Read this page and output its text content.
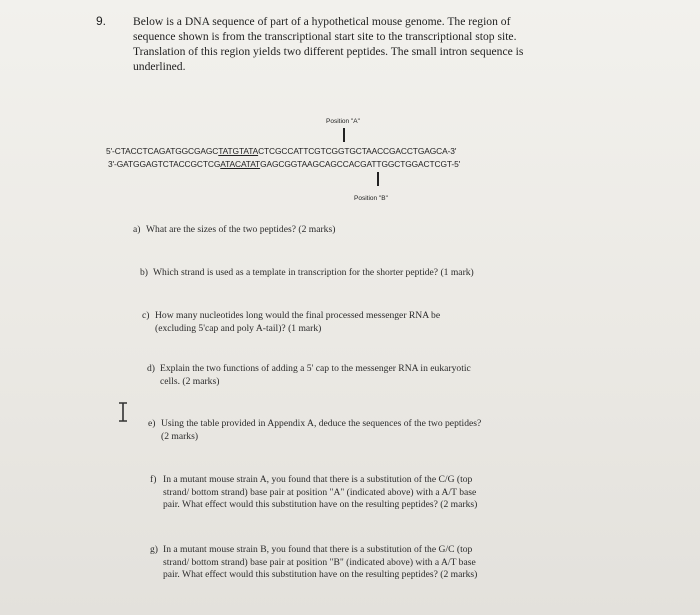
9. Below is a DNA sequence of part of a hypothetical mouse genome. The region of
sequence shown is from the transcriptional start site to the transcriptional stop site.
Translation of this region yields two different peptides. The small intron sequence is
underlined.
Position "A"
5'-CTACCTCAGATGGCGAGCTATGTATACTCGCCATTCGTCGGTGCTAACCGACCTGAGCA-3'
3'-GATGGAGTCTACCGCTCGATACATATGAGCGGTAAGCAGCCACGATTGGCTGGACTCGT-5'
Position "B"
a) What are the sizes of the two peptides? (2 marks)
b) Which strand is used as a template in transcription for the shorter peptide? (1 mark)
c) How many nucleotides long would the final processed messenger RNA be
(excluding 5'cap and poly A-tail)? (1 mark)
d) Explain the two functions of adding a 5' cap to the messenger RNA in eukaryotic
cells. (2 marks)
e) Using the table provided in Appendix A, deduce the sequences of the two peptides?
(2 marks)
f) In a mutant mouse strain A, you found that there is a substitution of the C/G (top
strand/ bottom strand) base pair at position "A" (indicated above) with a A/T base
pair. What effect would this substitution have on the resulting peptides? (2 marks)
g) In a mutant mouse strain B, you found that there is a substitution of the G/C (top
strand/ bottom strand) base pair at position "B" (indicated above) with a A/T base
pair. What effect would this substitution have on the resulting peptides? (2 marks)
